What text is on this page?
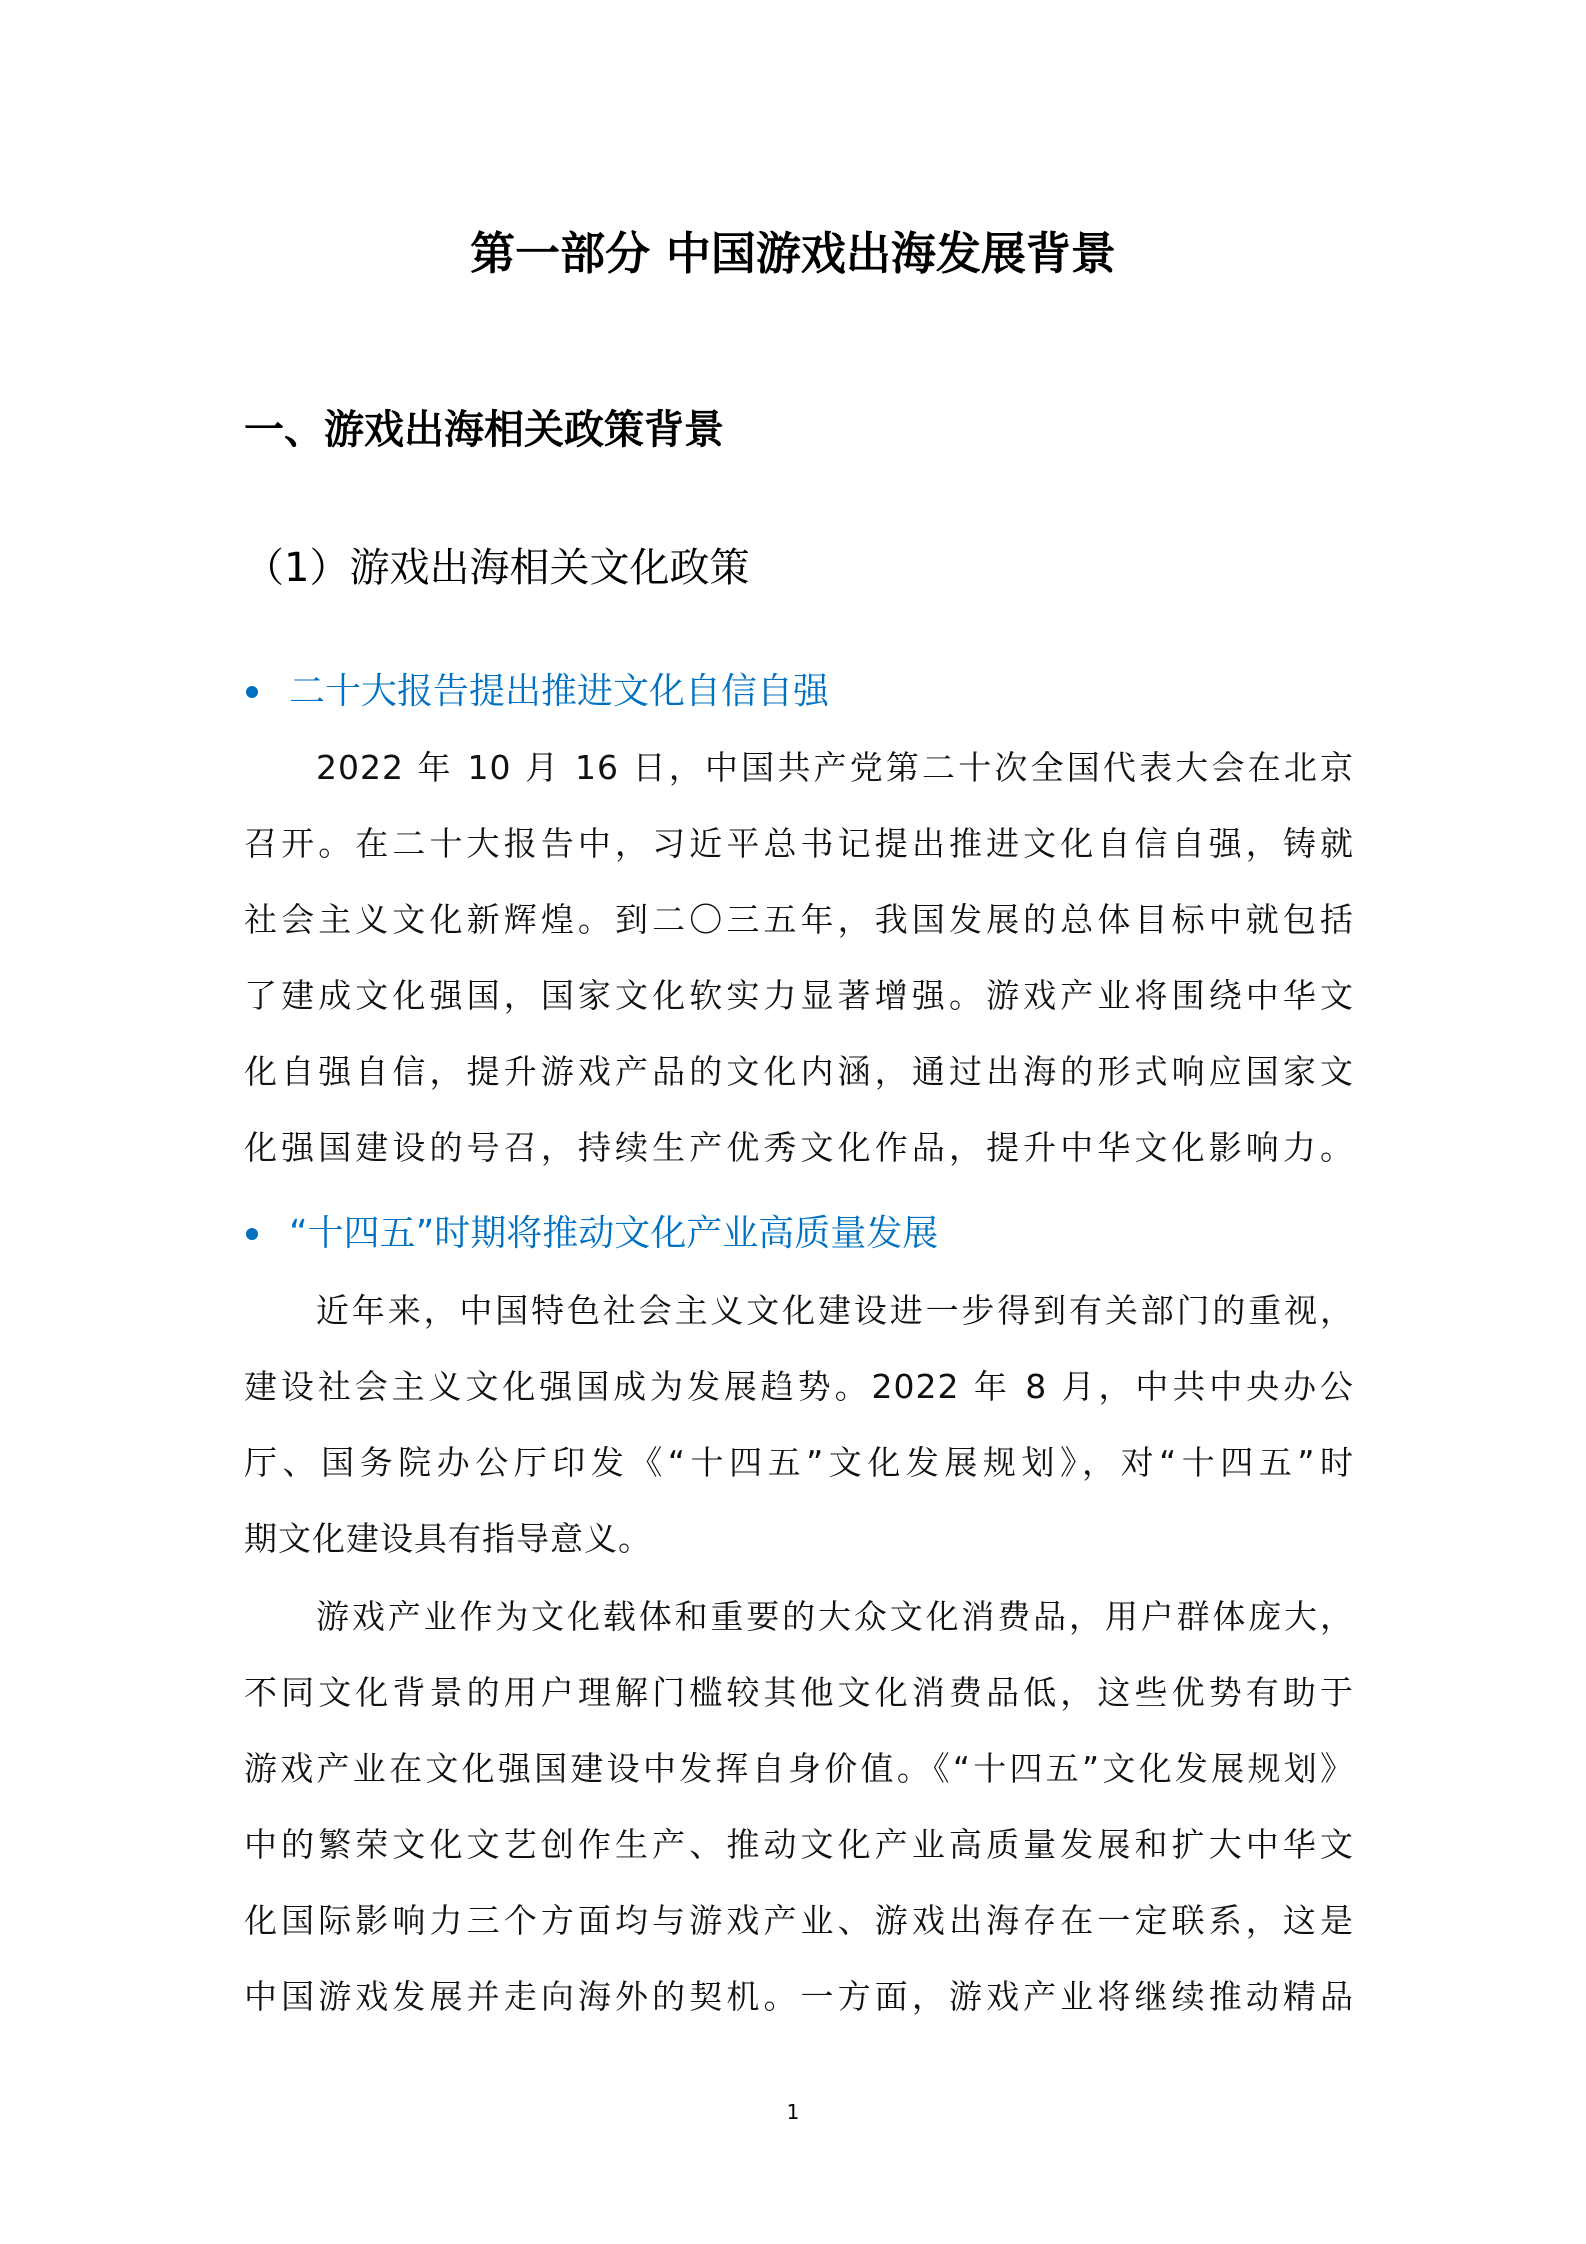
第一部分 中国游戏出海发展背景
一、游戏出海相关政策背景
（1）游戏出海相关文化政策
二十大报告提出推进文化自信自强
2022 年 10 月 16 日，中国共产党第二十次全国代表大会在北京
召开。在二十大报告中，习近平总书记提出推进文化自信自强，铸就
社会主义文化新辉煌。到二〇三五年，我国发展的总体目标中就包括
了建成文化强国，国家文化软实力显著增强。游戏产业将围绕中华文
化自强自信，提升游戏产品的文化内涵，通过出海的形式响应国家文
化强国建设的号召，持续生产优秀文化作品，提升中华文化影响力。
“十四五”时期将推动文化产业高质量发展
近年来，中国特色社会主义文化建设进一步得到有关部门的重视，
建设社会主义文化强国成为发展趋势。2022 年 8 月，中共中央办公
厅、国务院办公厅印发《“十四五”文化发展规划》，对“十四五”时
期文化建设具有指导意义。
游戏产业作为文化载体和重要的大众文化消费品，用户群体庞大，
不同文化背景的用户理解门槛较其他文化消费品低，这些优势有助于
游戏产业在文化强国建设中发挥自身价值。《“十四五”文化发展规划》
中的繁荣文化文艺创作生产、推动文化产业高质量发展和扩大中华文
化国际影响力三个方面均与游戏产业、游戏出海存在一定联系，这是
中国游戏发展并走向海外的契机。一方面，游戏产业将继续推动精品
1
